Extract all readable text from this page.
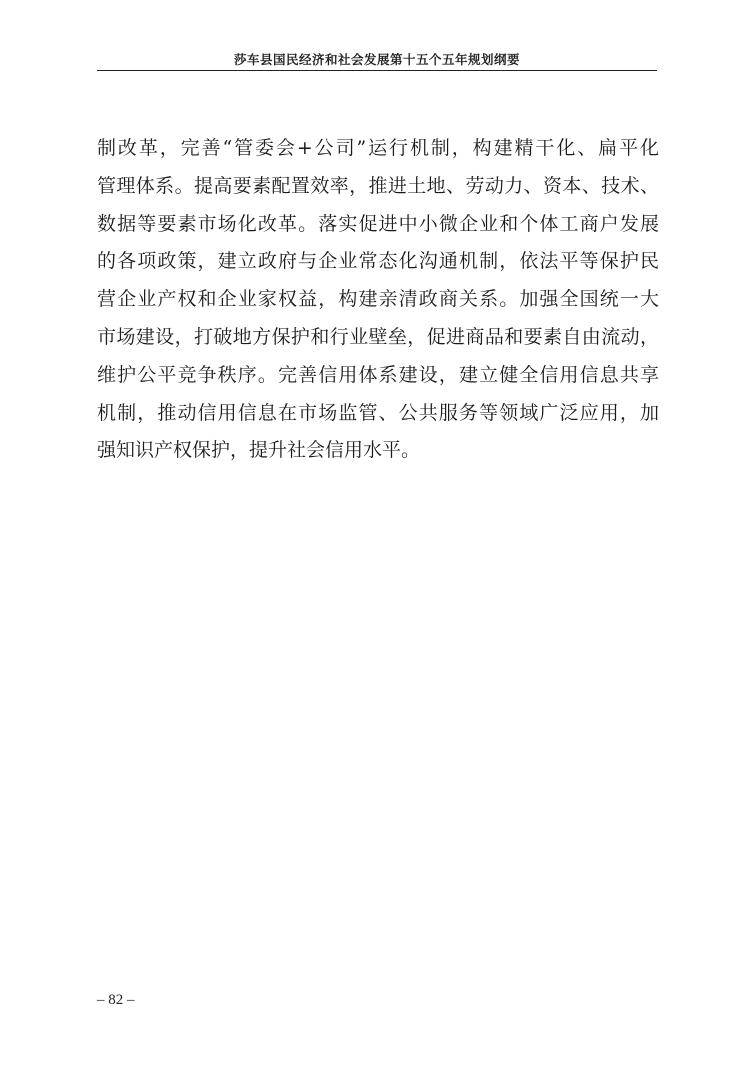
莎车县国民经济和社会发展第十五个五年规划纲要
制改革，完善“管委会+公司”运行机制，构建精干化、扁平化
管理体系。提高要素配置效率，推进土地、劳动力、资本、技术、
数据等要素市场化改革。落实促进中小微企业和个体工商户发展
的各项政策，建立政府与企业常态化沟通机制，依法平等保护民
营企业产权和企业家权益，构建亲清政商关系。加强全国统一大
市场建设，打破地方保护和行业壁垒，促进商品和要素自由流动，
维护公平竞争秩序。完善信用体系建设，建立健全信用信息共享
机制，推动信用信息在市场监管、公共服务等领域广泛应用，加
强知识产权保护，提升社会信用水平。
– 82 –
